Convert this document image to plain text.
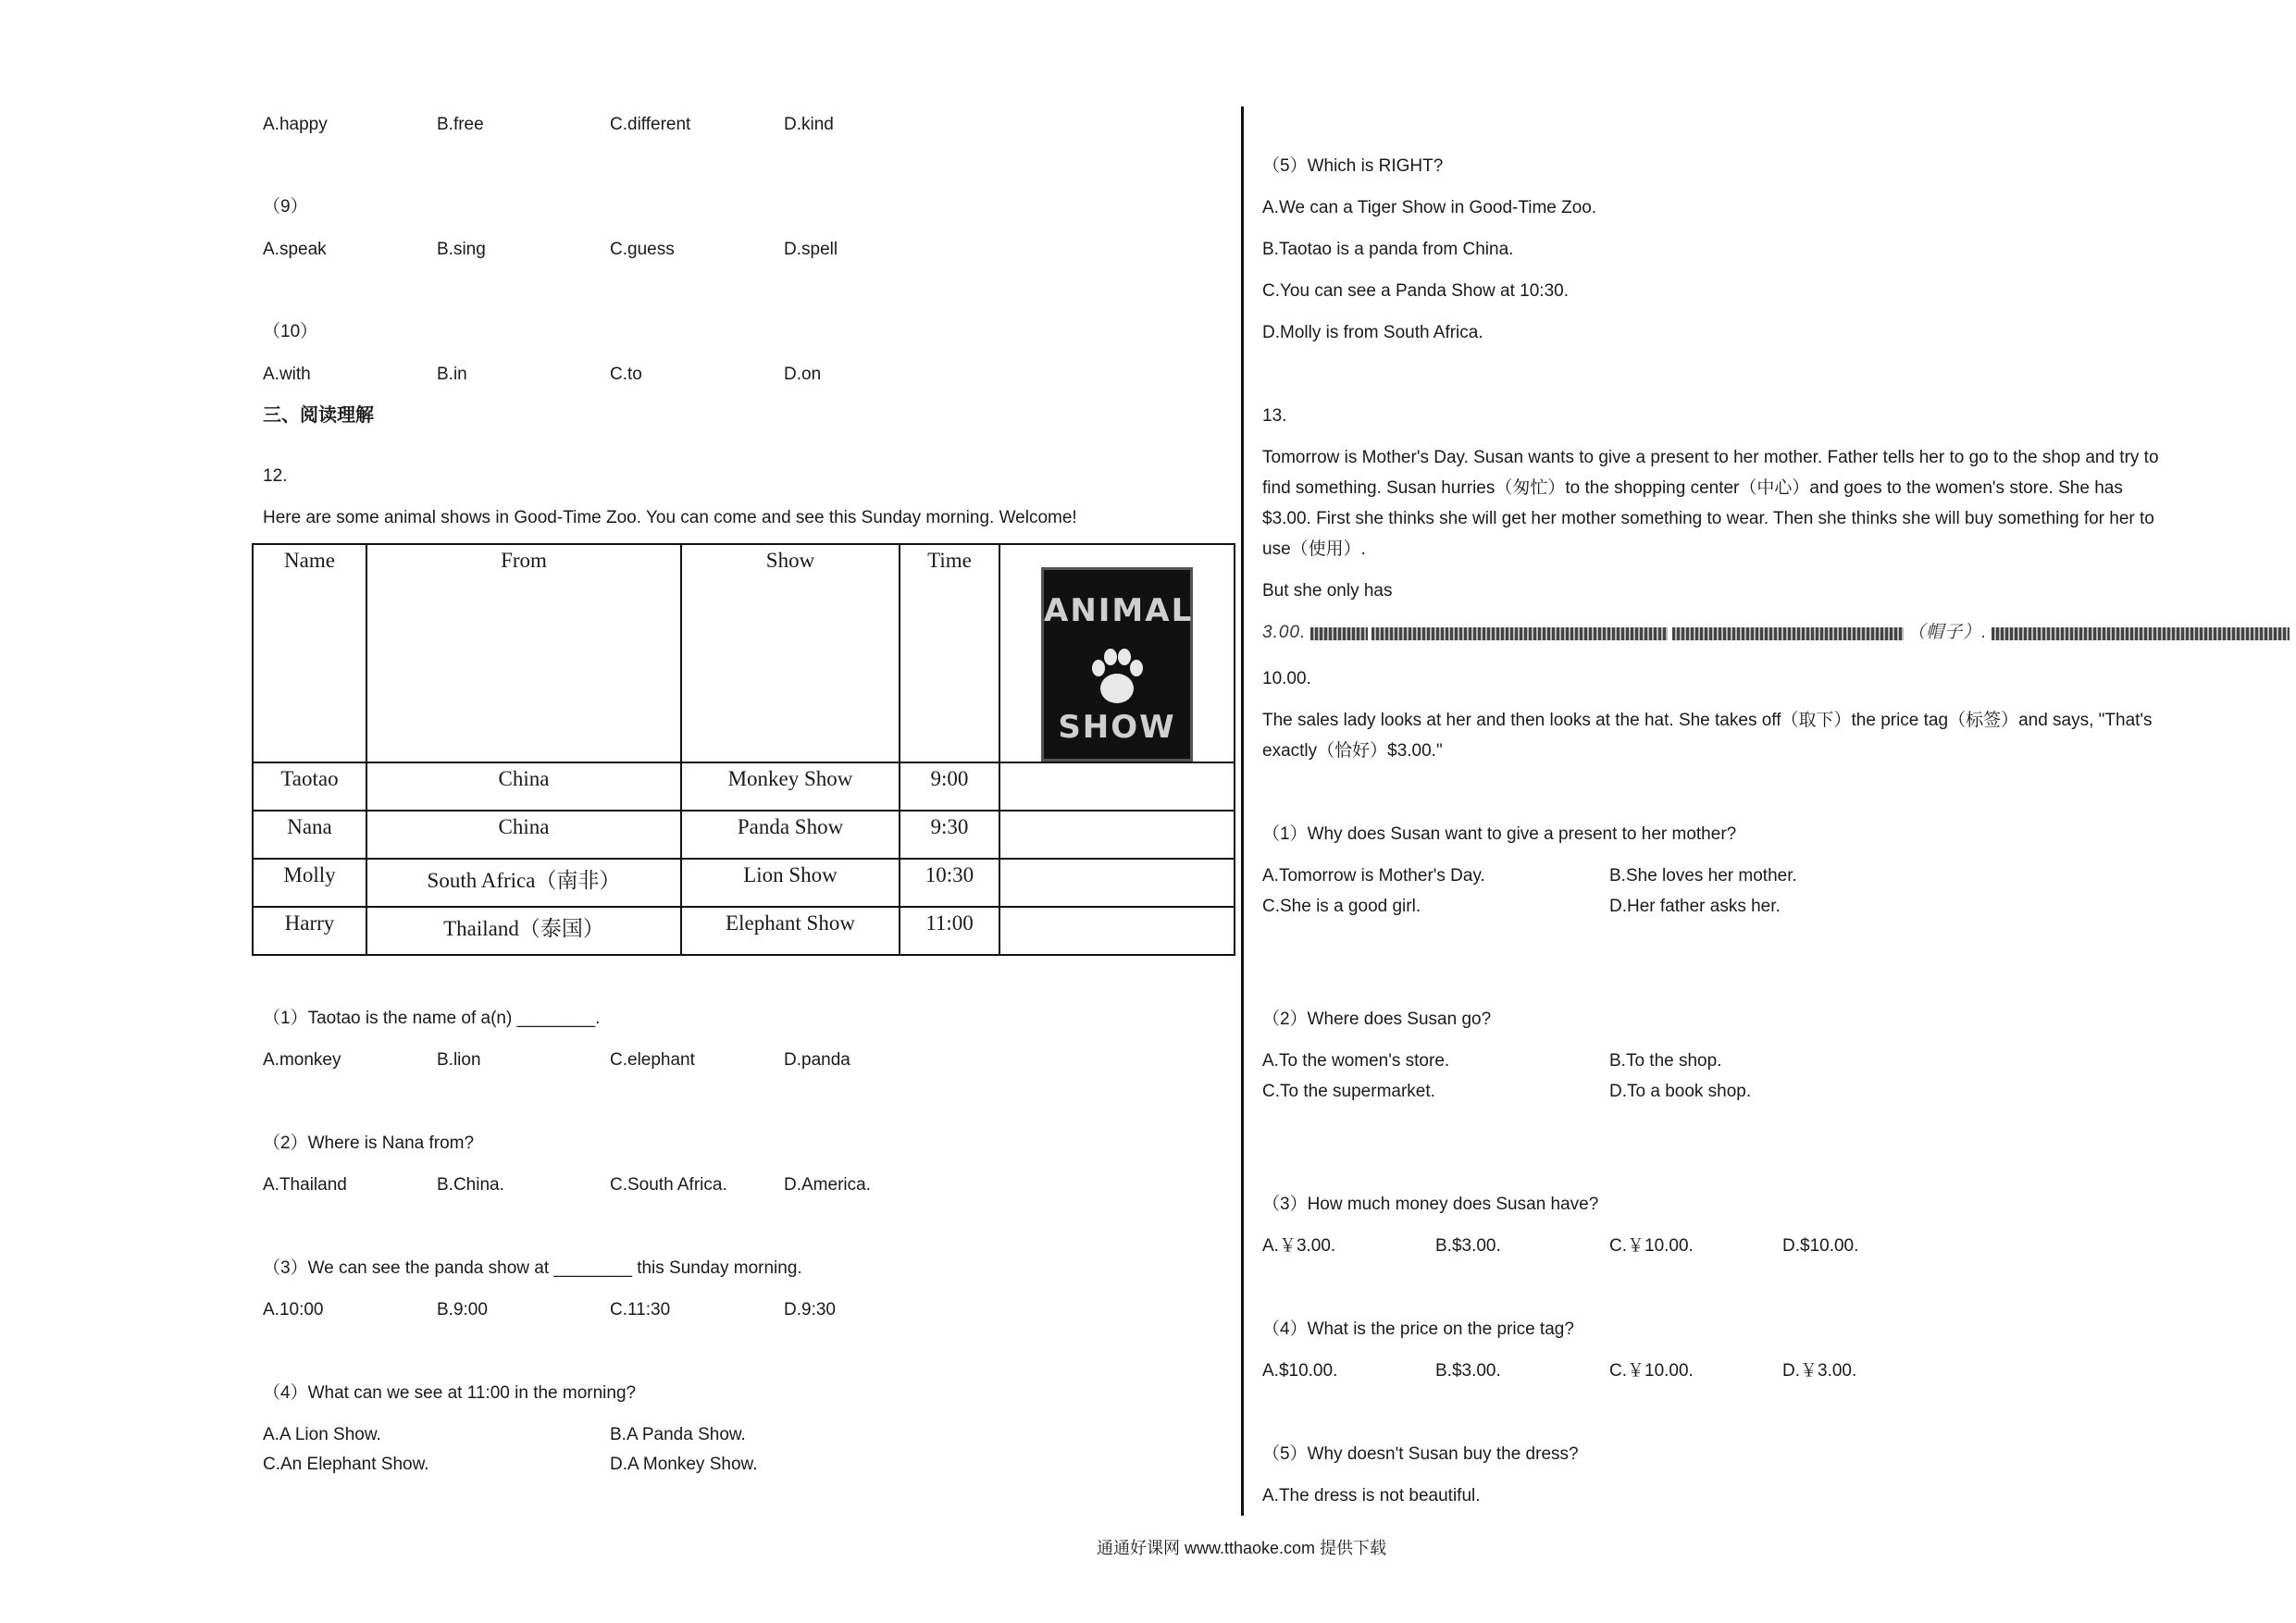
A.happy	B.free	C.different	D.kind
（9）
A.speak	B.sing	C.guess	D.spell
（10）
A.with	B.in	C.to	D.on
三、阅读理解
12.
Here are some animal shows in Good-Time Zoo. You can come and see this Sunday morning. Welcome!
Name	From	Show	Time	ANIMAL
SHOW

Taotao	China	Monkey Show	9:00	
Nana	China	Panda Show	9:30	
Molly	South Africa（南非）	Lion Show	10:30	
Harry	Thailand（泰国）	Elephant Show	11:00	
（1）Taotao is the name of a(n) ________.
A.monkey	B.lion	C.elephant	D.panda
（2）Where is Nana from?
A.Thailand	B.China.	C.South Africa.	D.America.
（3）We can see the panda show at ________ this Sunday morning.
A.10:00	B.9:00	C.11:30	D.9:30
（4）What can we see at 11:00 in the morning?
A.A Lion Show.	B.A Panda Show.
C.An Elephant Show.	D.A Monkey Show.
（5）Which is RIGHT?
A.We can a Tiger Show in Good-Time Zoo.
B.Taotao is a panda from China.
C.You can see a Panda Show at 10:30.
D.Molly is from South Africa.
13.
Tomorrow is Mother's Day. Susan wants to give a present to her mother. Father tells her to go to the shop and try to
find something. Susan hurries（匆忙）to the shopping center（中心）and goes to the women's store. She has
$3.00. First she thinks she will get her mother something to wear. Then she thinks she will buy something for her to
use（使用）.
But she only has
3.00.	（帽子）.
10.00.
The sales lady looks at her and then looks at the hat. She takes off（取下）the price tag（标签）and says, "That's
exactly（恰好）$3.00."
（1）Why does Susan want to give a present to her mother?
A.Tomorrow is Mother's Day.	B.She loves her mother.
C.She is a good girl.	D.Her father asks her.
（2）Where does Susan go?
A.To the women's store.	B.To the shop.
C.To the supermarket.	D.To a book shop.
（3）How much money does Susan have?
A.￥3.00.	B.$3.00.	C.￥10.00.	D.$10.00.
（4）What is the price on the price tag?
A.$10.00.	B.$3.00.	C.￥10.00.	D.￥3.00.
（5）Why doesn't Susan buy the dress?
A.The dress is not beautiful.
通通好课网 www.tthaoke.com 提供下载
